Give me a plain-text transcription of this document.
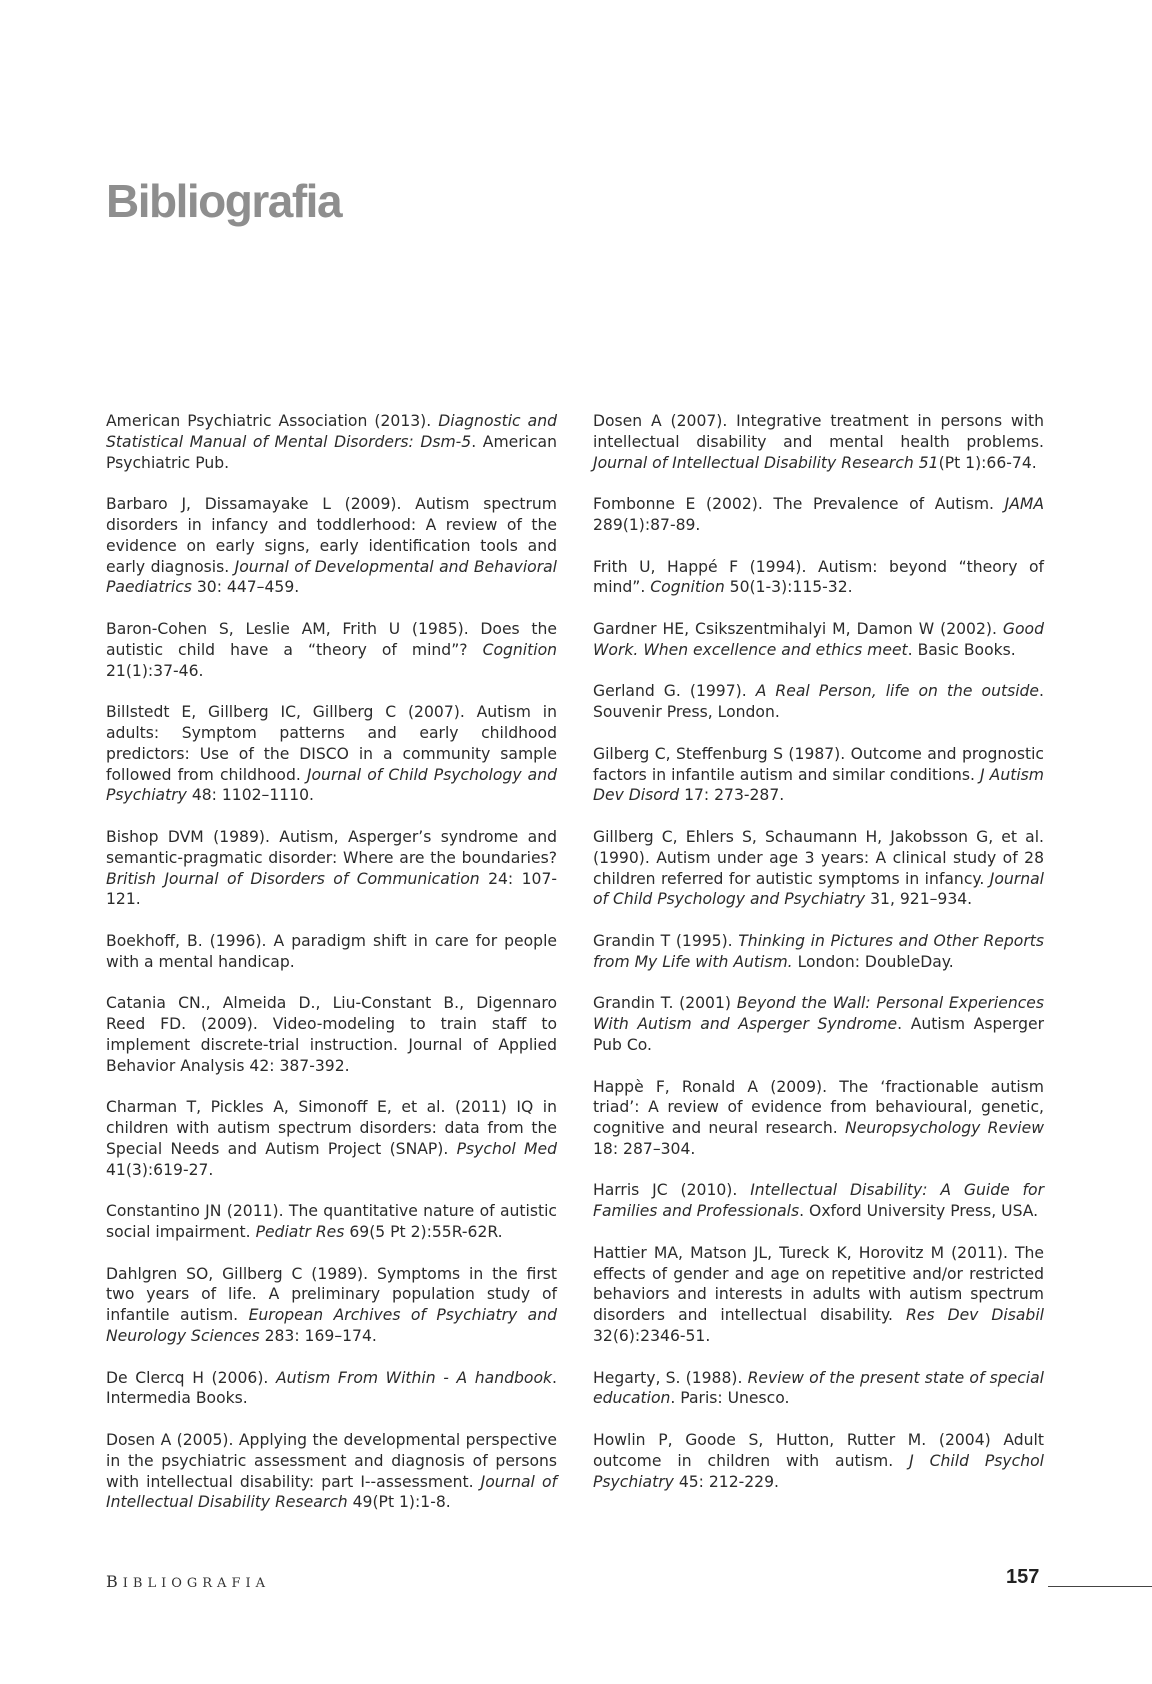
Bibliografia

American Psychiatric Association (2013). Diagnostic and Statistical Manual of Mental Disorders: Dsm-5. American Psychiatric Pub.

Barbaro J, Dissamayake L (2009). Autism spectrum disorders in infancy and toddlerhood: A review of the evidence on early signs, early identification tools and early diagnosis. Journal of Developmental and Behavioral Paediatrics 30: 447–459.

Baron-Cohen S, Leslie AM, Frith U (1985). Does the autistic child have a “theory of mind”? Cognition 21(1):37-46.

Billstedt E, Gillberg IC, Gillberg C (2007). Autism in adults: Symptom patterns and early childhood predictors: Use of the DISCO in a community sample followed from childhood. Journal of Child Psychology and Psychiatry 48: 1102–1110.

Bishop DVM (1989). Autism, Asperger’s syndrome and semantic-pragmatic disorder: Where are the boundaries? British Journal of Disorders of Communication 24: 107-121.

Boekhoff, B. (1996). A paradigm shift in care for people with a mental handicap.

Catania CN., Almeida D., Liu-Constant B., Digennaro Reed FD. (2009). Video-modeling to train staff to implement discrete-trial instruction. Journal of Applied Behavior Analysis 42: 387-392.

Charman T, Pickles A, Simonoff E, et al. (2011) IQ in children with autism spectrum disorders: data from the Special Needs and Autism Project (SNAP). Psychol Med 41(3):619-27.

Constantino JN (2011). The quantitative nature of autistic social impairment. Pediatr Res 69(5 Pt 2):55R-62R.

Dahlgren SO, Gillberg C (1989). Symptoms in the first two years of life. A preliminary population study of infantile autism. European Archives of Psychiatry and Neurology Sciences 283: 169–174.

De Clercq H (2006). Autism From Within - A handbook. Intermedia Books.

Dosen A (2005). Applying the developmental perspective in the psychiatric assessment and diagnosis of persons with intellectual disability: part I--assessment. Journal of Intellectual Disability Research 49(Pt 1):1-8.

Dosen A (2007). Integrative treatment in persons with intellectual disability and mental health problems. Journal of Intellectual Disability Research 51(Pt 1):66-74.

Fombonne E (2002). The Prevalence of Autism. JAMA 289(1):87-89.

Frith U, Happé F (1994). Autism: beyond “theory of mind”. Cognition 50(1-3):115-32.

Gardner HE, Csikszentmihalyi M, Damon W (2002). Good Work. When excellence and ethics meet. Basic Books.

Gerland G. (1997). A Real Person, life on the outside. Souvenir Press, London.

Gilberg C, Steffenburg S (1987). Outcome and prognostic factors in infantile autism and similar conditions. J Autism Dev Disord 17: 273-287.

Gillberg C, Ehlers S, Schaumann H, Jakobsson G, et al. (1990). Autism under age 3 years: A clinical study of 28 children referred for autistic symptoms in infancy. Journal of Child Psychology and Psychiatry 31, 921–934.

Grandin T (1995). Thinking in Pictures and Other Reports from My Life with Autism. London: DoubleDay.

Grandin T. (2001) Beyond the Wall: Personal Experiences With Autism and Asperger Syndrome. Autism Asperger Pub Co.

Happè F, Ronald A (2009). The ‘fractionable autism triad’: A review of evidence from behavioural, genetic, cognitive and neural research. Neuropsychology Review 18: 287–304.

Harris JC (2010). Intellectual Disability: A Guide for Families and Professionals. Oxford University Press, USA.

Hattier MA, Matson JL, Tureck K, Horovitz M (2011). The effects of gender and age on repetitive and/or restricted behaviors and interests in adults with autism spectrum disorders and intellectual disability. Res Dev Disabil 32(6):2346-51.

Hegarty, S. (1988). Review of the present state of special education. Paris: Unesco.

Howlin P, Goode S, Hutton, Rutter M. (2004) Adult outcome in children with autism. J Child Psychol Psychiatry 45: 212-229.

BIBLIOGRAFIA	157
